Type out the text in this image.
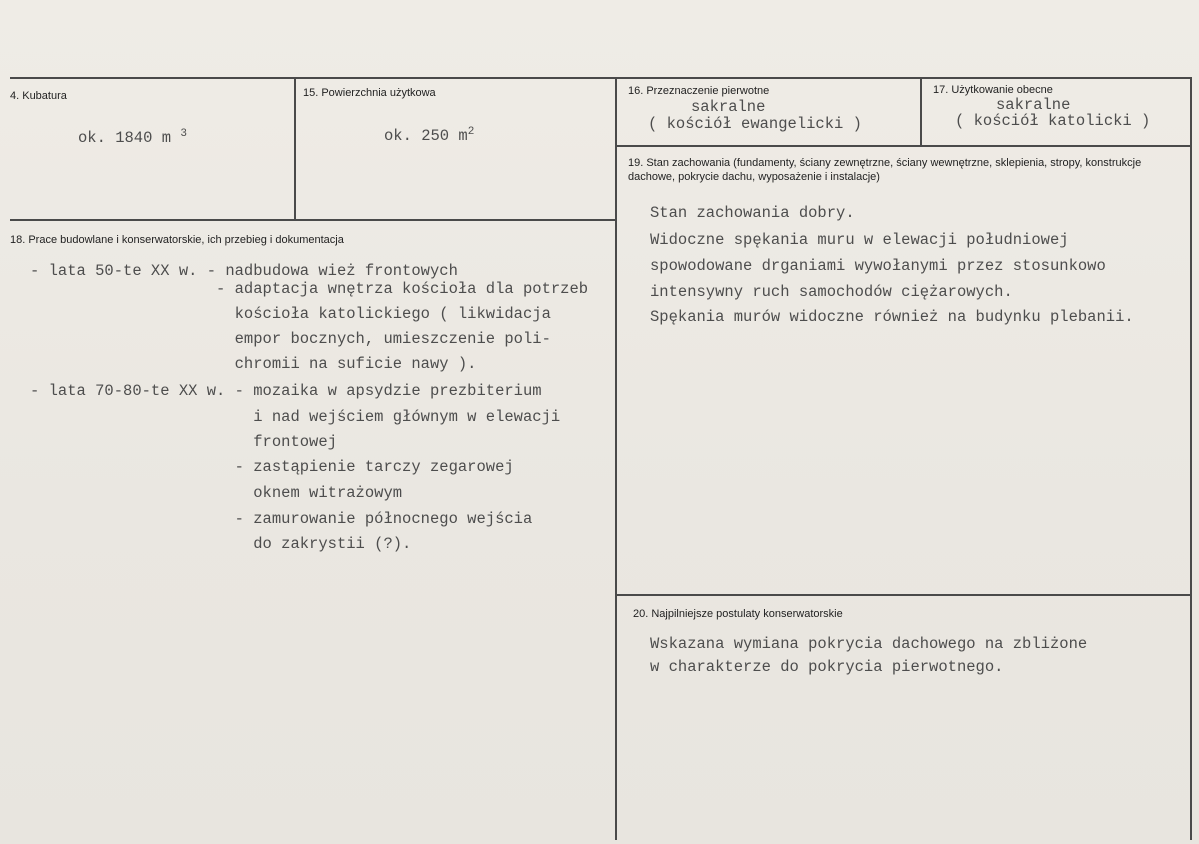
4. Kubatura
ok. 1840 m $^3$
15. Powierzchnia użytkowa
ok. 250 $m^2$
16. Przeznaczenie pierwotne
sakralne
( kościół ewangelicki )
17. Użytkowanie obecne
sakralne
( kościół katolicki )
18. Prace budowlane i konserwatorskie, ich przebieg i dokumentacja
- lata 50-te XX w. - nadbudowa wież frontowych
- adaptacja wnętrza kościoła dla potrzeb
kościoła katolickiego ( likwidacja
empor bocznych, umieszczenie poli-
chromii na suficie nawy ).
- lata 70-80-te XX w. - mozaika w apsydzie prezbiterium
i nad wejściem głównym w elewacji
frontowej
- zastąpienie tarczy zegarowej
oknem witrażowym
- zamurowanie północnego wejścia
do zakrystii (?).
19. Stan zachowania (fundamenty, ściany zewnętrzne, ściany wewnętrzne, sklepienia, stropy, konstrukcje dachowe, pokrycie dachu, wyposażenie i instalacje)
Stan zachowania dobry.
Widoczne spękania muru w elewacji południowej
spowodowane drganiami wywołanymi przez stosunkowo
intensywny ruch samochodów ciężarowych.
Spękania murów widoczne również na budynku plebanii.
20. Najpilniejsze postulaty konserwatorskie
Wskazana wymiana pokrycia dachowego na zbliżone
w charakterze do pokrycia pierwotnego.
